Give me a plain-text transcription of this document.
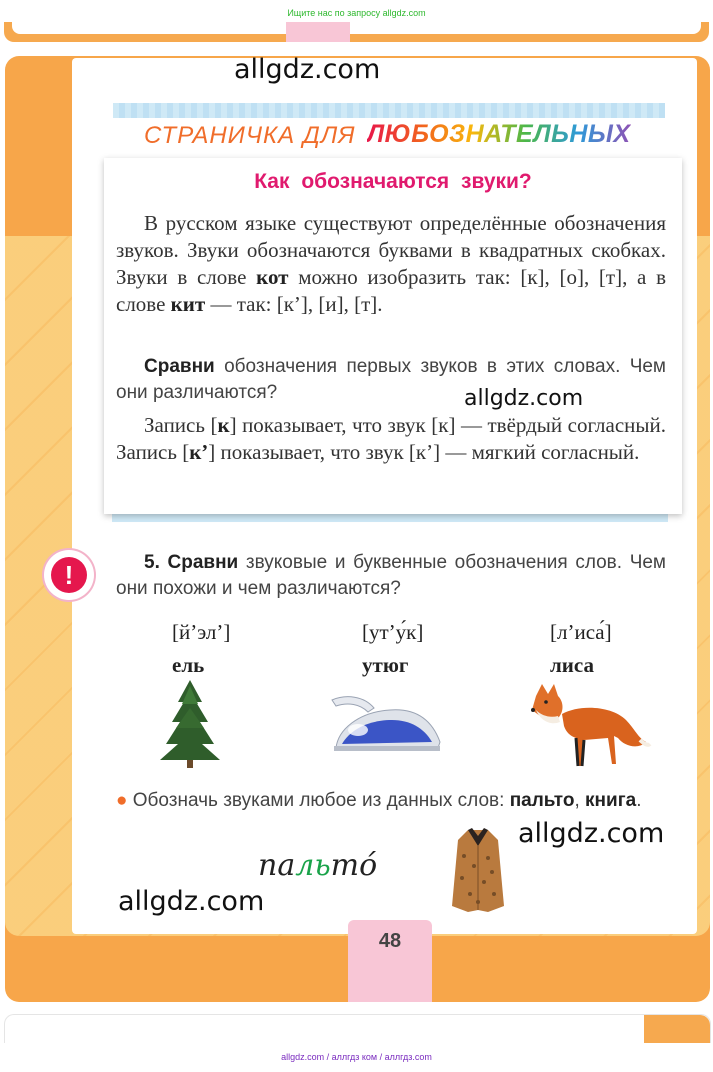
Ищите нас по запросу allgdz.com
allgdz.com
СТРАНИЧКА ДЛЯ ЛЮБОЗНАТЕЛЬНЫХ
Как обозначаются звуки?

В русском языке существуют определённые обозначения звуков. Звуки обозначаются буквами в квадратных скобках. Звуки в слове кот можно изобразить так: [к], [о], [т], а в слове кит — так: [к’], [и], [т].

Сравни обозначения первых звуков в этих словах. Чем они различаются?

Запись [к] показывает, что звук [к] — твёрдый согласный. Запись [к’] показывает, что звук [к’] — мягкий согласный.

allgdz.com
!	5. Сравни звуковые и буквенные обозначения слов. Чем они похожи и чем различаются?

[й’эл’]
ель
[ут’у́к]
утюг
[л’иса́]
лиса

● Обозначь звуками любое из данных слов: пальто, книга.

allgdz.com
пальто́
allgdz.com
48
allgdz.com / аллгдз ком / аллгдз.com
